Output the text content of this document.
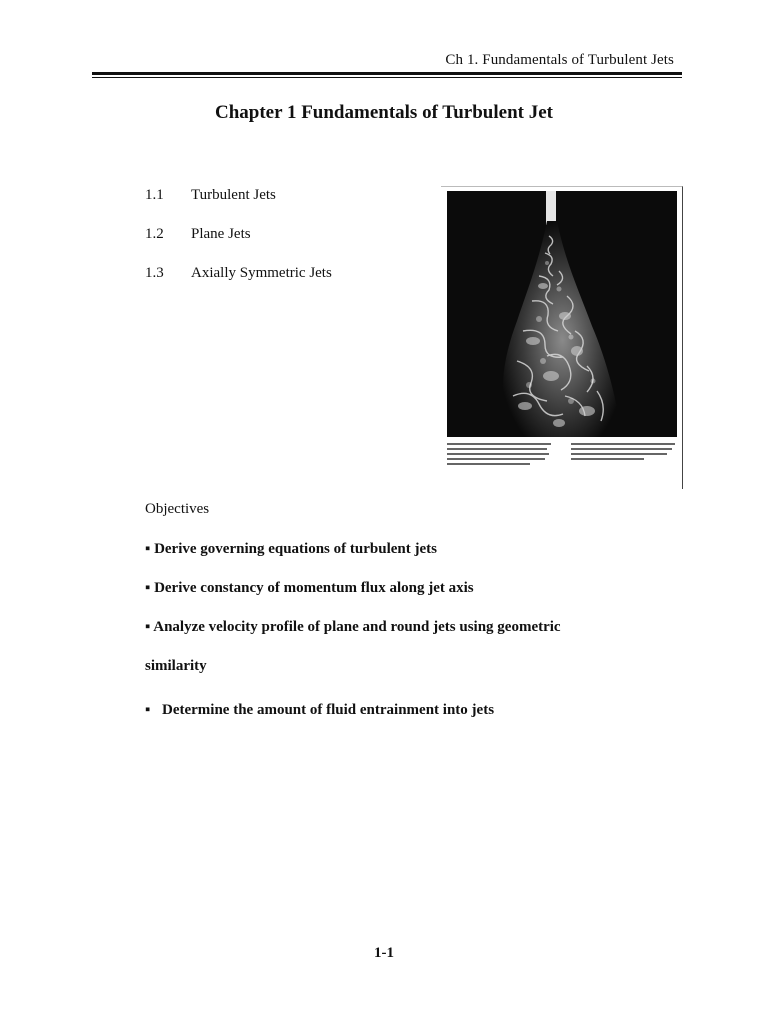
Ch 1. Fundamentals of Turbulent Jets
Chapter 1 Fundamentals of Turbulent Jet
1.1	Turbulent Jets
1.2	Plane Jets
1.3	Axially Symmetric Jets
Objectives
▪ Derive governing equations of turbulent jets
▪ Derive constancy of momentum flux along jet axis
▪ Analyze velocity profile of plane and round jets using geometric
similarity
▪ Determine the amount of fluid entrainment into jets
1-1
